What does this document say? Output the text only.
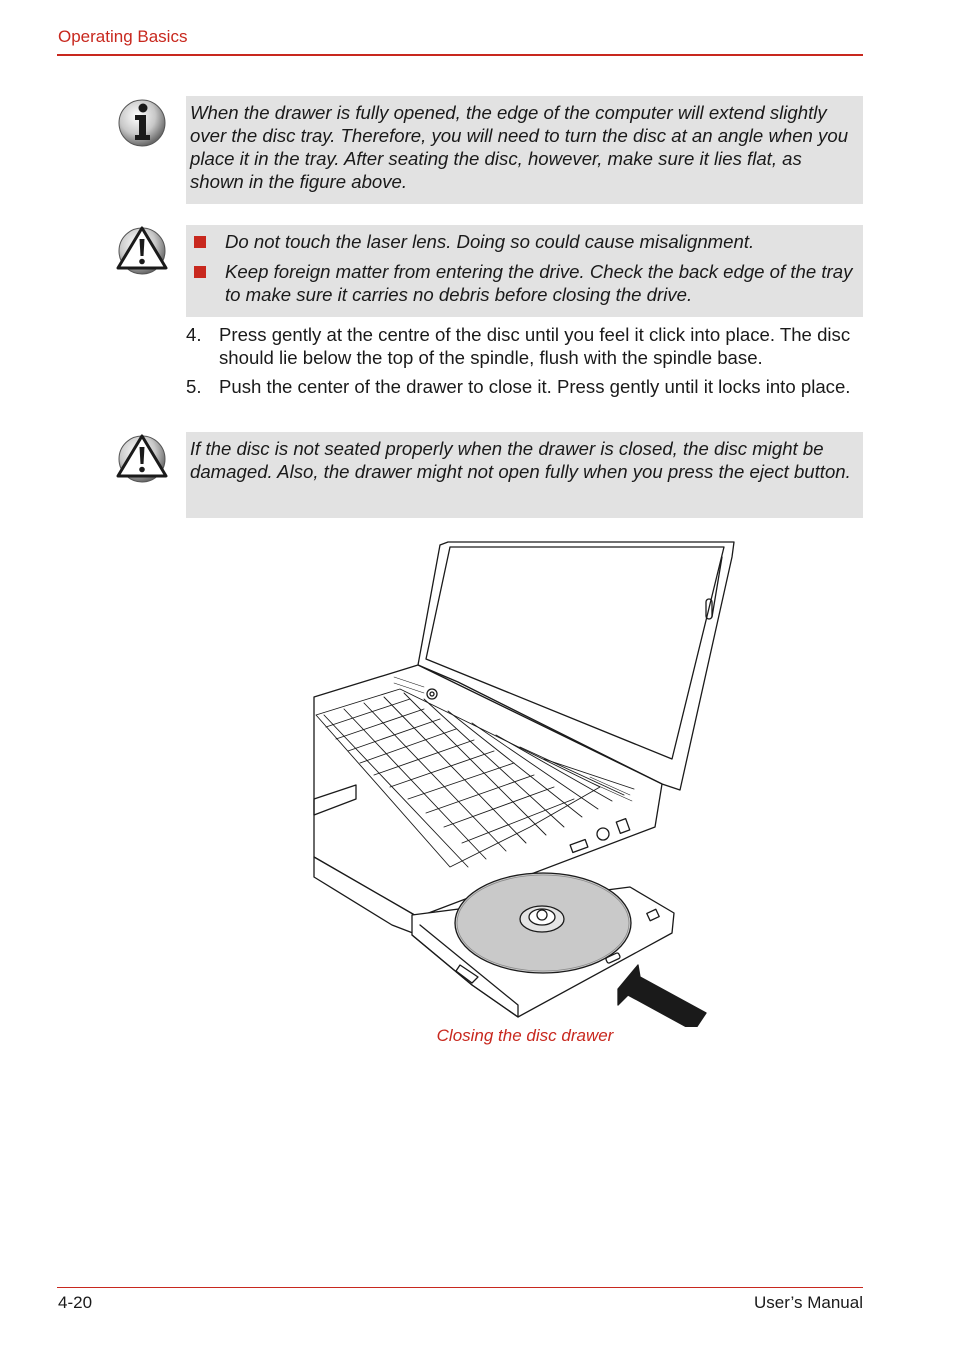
Operating Basics
When the drawer is fully opened, the edge of the computer will extend slightly over the disc tray. Therefore, you will need to turn the disc at an angle when you place it in the tray. After seating the disc, however, make sure it lies flat, as shown in the figure above.
Do not touch the laser lens. Doing so could cause misalignment.
Keep foreign matter from entering the drive. Check the back edge of the tray to make sure it carries no debris before closing the drive.
4. Press gently at the centre of the disc until you feel it click into place. The disc should lie below the top of the spindle, flush with the spindle base.
5. Push the center of the drawer to close it. Press gently until it locks into place.
If the disc is not seated properly when the drawer is closed, the disc might be damaged. Also, the drawer might not open fully when you press the eject button.
Closing the disc drawer
4-20	User’s Manual
